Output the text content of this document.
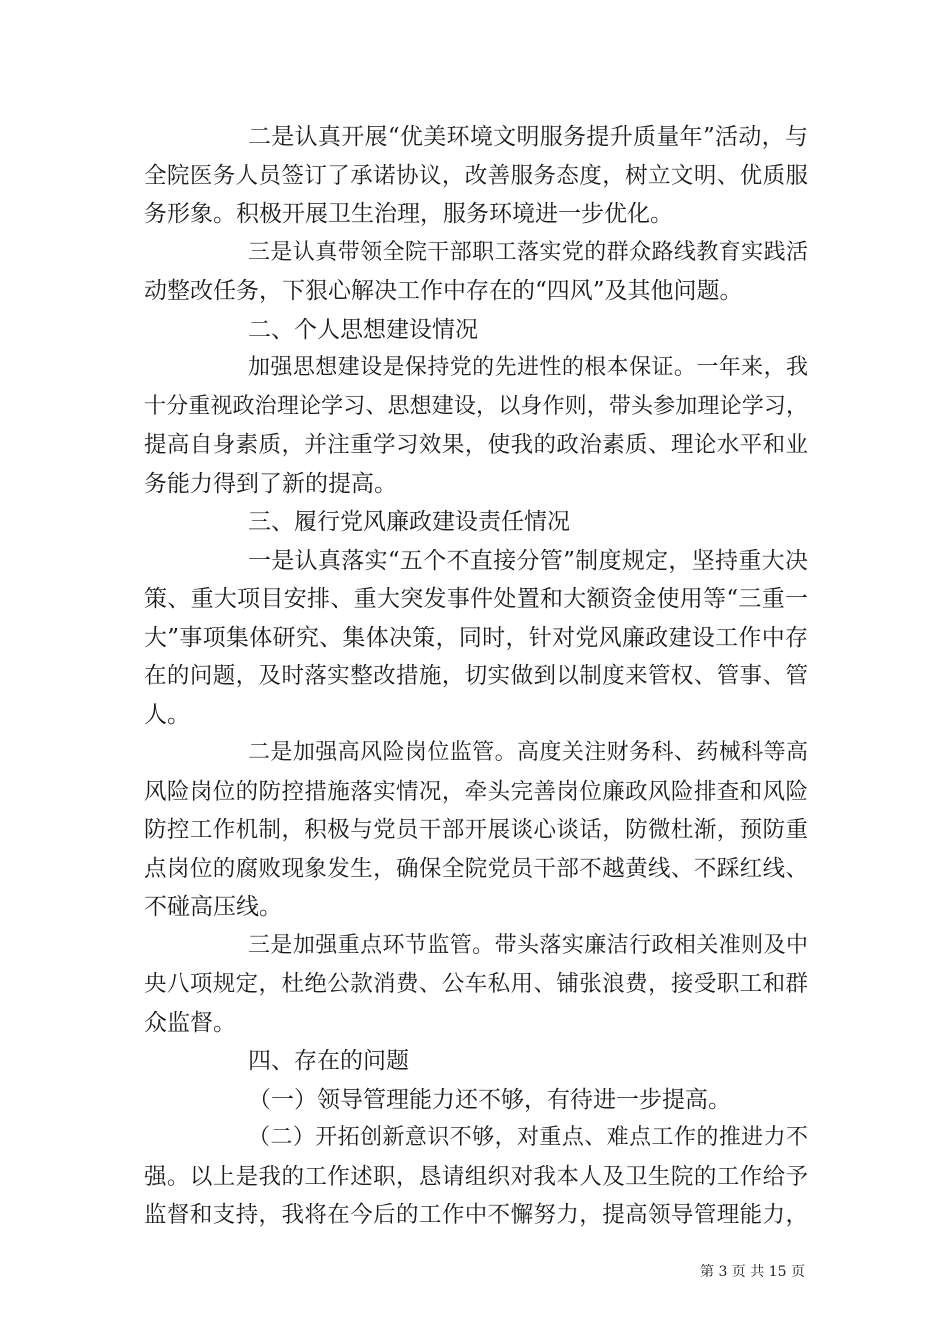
二是认真开展“优美环境文明服务提升质量年”活动，与
全院医务人员签订了承诺协议，改善服务态度，树立文明、优质服
务形象。积极开展卫生治理，服务环境进一步优化。
三是认真带领全院干部职工落实党的群众路线教育实践活
动整改任务，下狠心解决工作中存在的“四风”及其他问题。
二、个人思想建设情况
加强思想建设是保持党的先进性的根本保证。一年来，我
十分重视政治理论学习、思想建设，以身作则，带头参加理论学习，
提高自身素质，并注重学习效果，使我的政治素质、理论水平和业
务能力得到了新的提高。
三、履行党风廉政建设责任情况
一是认真落实“五个不直接分管”制度规定，坚持重大决
策、重大项目安排、重大突发事件处置和大额资金使用等“三重一
大”事项集体研究、集体决策，同时，针对党风廉政建设工作中存
在的问题，及时落实整改措施，切实做到以制度来管权、管事、管
人。
二是加强高风险岗位监管。高度关注财务科、药械科等高
风险岗位的防控措施落实情况，牵头完善岗位廉政风险排查和风险
防控工作机制，积极与党员干部开展谈心谈话，防微杜渐，预防重
点岗位的腐败现象发生，确保全院党员干部不越黄线、不踩红线、
不碰高压线。
三是加强重点环节监管。带头落实廉洁行政相关准则及中
央八项规定，杜绝公款消费、公车私用、铺张浪费，接受职工和群
众监督。
四、存在的问题
（一）领导管理能力还不够，有待进一步提高。
（二）开拓创新意识不够，对重点、难点工作的推进力不
强。以上是我的工作述职，恳请组织对我本人及卫生院的工作给予
监督和支持，我将在今后的工作中不懈努力，提高领导管理能力，
第 3 页 共 15 页
